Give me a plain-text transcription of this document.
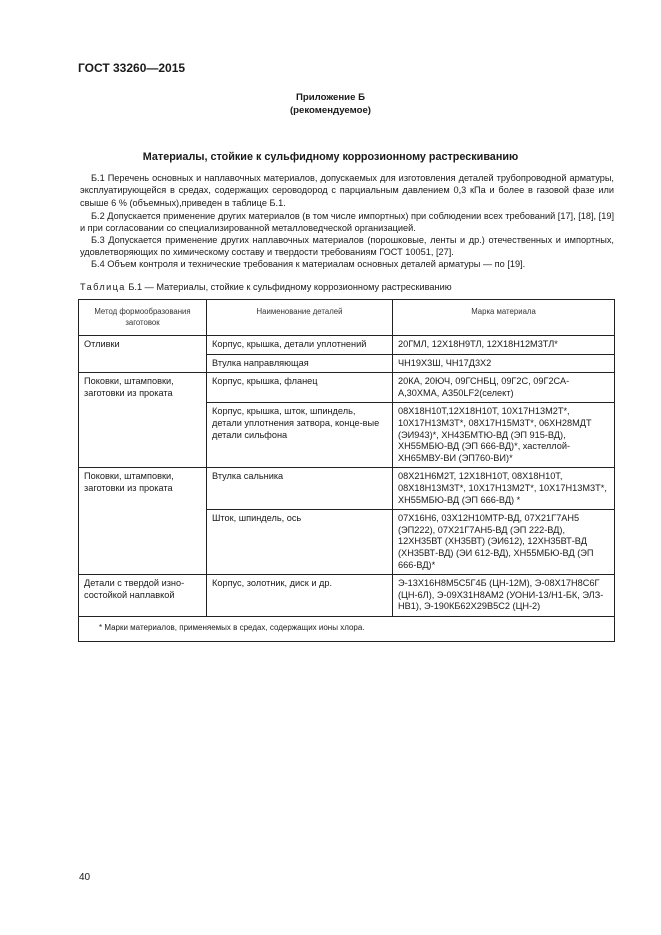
ГОСТ 33260—2015
Приложение Б
(рекомендуемое)
Материалы, стойкие к сульфидному коррозионному растрескиванию
Б.1 Перечень основных и наплавочных материалов, допускаемых для изготовления деталей трубопроводной арматуры, эксплуатирующейся в средах, содержащих сероводород с парциальным давлением 0,3 кПа и более в газовой фазе или свыше 6 % (объемных),приведен в таблице Б.1.
Б.2 Допускается применение других материалов (в том числе импортных) при соблюдении всех требований [17], [18], [19] и при согласовании со специализированной металловедческой организацией.
Б.3 Допускается применение других наплавочных материалов (порошковые, ленты и др.) отечественных и импортных, удовлетворяющих по химическому составу и твердости требованиям ГОСТ 10051, [27].
Б.4 Объем контроля и технические требования к материалам основных деталей арматуры — по [19].
Таблица Б.1 — Материалы, стойкие к сульфидному коррозионному растрескиванию
Метод формообразования заготовок	Наименование деталей	Марка материала
Отливки	Корпус, крышка, детали уплотнений	20ГМЛ, 12Х18Н9ТЛ, 12Х18Н12М3ТЛ*
	Втулка направляющая	ЧН19Х3Ш, ЧН17Д3Х2
Поковки, штамповки, заготовки из проката	Корпус, крышка, фланец	20КА, 20ЮЧ, 09ГСНБЦ, 09Г2С, 09Г2СА-А,30ХМА, А350LF2(селект)
	Корпус, крышка, шток, шпиндель, детали уплотнения затвора, конце-вые детали сильфона	08Х18Н10Т,12Х18Н10Т, 10Х17Н13М2Т*, 10Х17Н13М3Т*, 08Х17Н15М3Т*, 06ХН28МДТ (ЭИ943)*, ХН43БМТЮ-ВД (ЭП 915-ВД), ХН55МБЮ-ВД (ЭП 666-ВД)*, хастеллой-ХН65МВУ-ВИ (ЭП760-ВИ)*
Поковки, штамповки, заготовки из проката	Втулка сальника	08Х21Н6М2Т, 12Х18Н10Т, 08Х18Н10Т, 08Х18Н13М3Т*, 10Х17Н13М2Т*, 10Х17Н13М3Т*, ХН55МБЮ-ВД (ЭП 666-ВД) *
	Шток, шпиндель, ось	07Х16Н6, 03Х12Н10МТР-ВД, 07Х21Г7АН5 (ЭП222), 07Х21Г7АН5-ВД (ЭП 222-ВД), 12ХН35ВТ (ХН35ВТ) (ЭИ612), 12ХН35ВТ-ВД (ХН35ВТ-ВД) (ЭИ 612-ВД), ХН55МБЮ-ВД (ЭП 666-ВД)*
Детали с твердой изно-состойкой наплавкой	Корпус, золотник, диск и др.	Э-13Х16Н8М5С5Г4Б (ЦН-12М), Э-08Х17Н8С6Г (ЦН-6Л), Э-09Х31Н8АМ2 (УОНИ-13/Н1-БК, ЭЛЗ-НВ1), Э-190КБ62Х29В5С2 (ЦН-2)
* Марки материалов, применяемых в средах, содержащих ионы хлора.		
40
